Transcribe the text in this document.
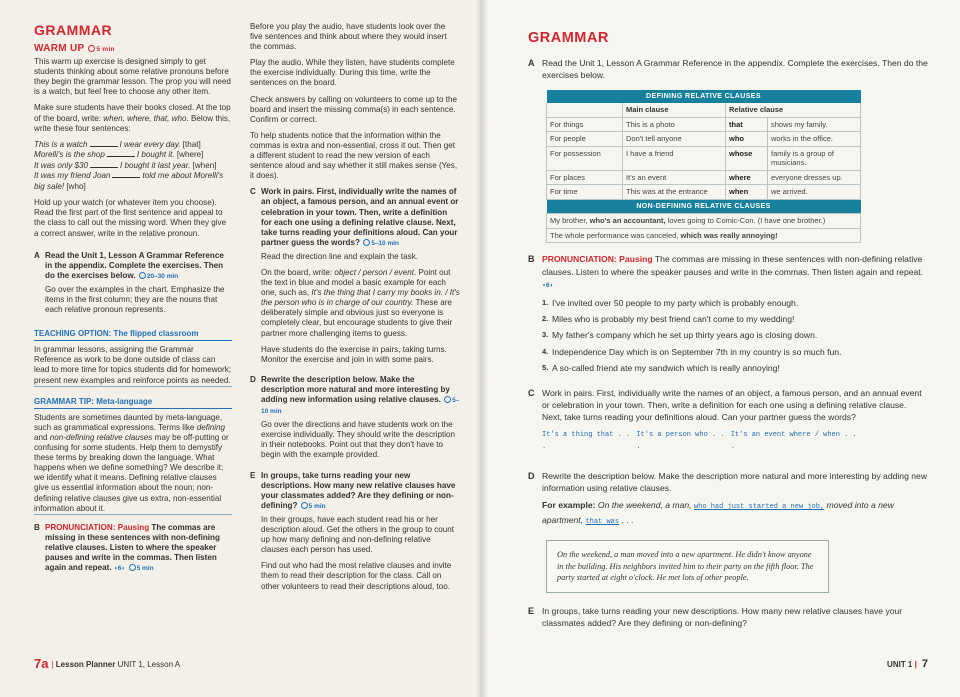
GRAMMAR
WARM UP 5 min

This warm up exercise is designed simply to get students thinking about some relative pronouns before they begin the grammar lesson. The prop you will need is a watch, but feel free to choose any other item.

Make sure students have their books closed. At the top of the board, write: when, where, that, who. Below this, write these four sentences:

This is a watch	I wear every day. [that]
Morelli's is the shop	I bought it. [where]
It was only $30	I bought it last year. [when]
It was my friend Joan	told me about Morelli's big sale! [who]

Hold up your watch (or whatever item you choose). Read the first part of the first sentence and appeal to the class to call out the missing word. When they give a correct answer, write in the relative pronoun.

A Read the Unit 1, Lesson A Grammar Reference in the appendix. Complete the exercises. Then do the exercises below. 20–30 min

Go over the examples in the chart. Emphasize the items in the first column; they are the nouns that each relative pronoun represents.

TEACHING OPTION: The flipped classroom

In grammar lessons, assigning the Grammar Reference as work to be done outside of class can lead to more time for topics students did for homework; present new examples and reinforce points as needed.

GRAMMAR TIP: Meta-language

Students are sometimes daunted by meta-language, such as grammatical expressions. Terms like defining and non-defining relative clauses may be off-putting or confusing for some students. Help them to demystify these terms by breaking down the language. What happens when we define something? We describe it; we identify what it means. Defining relative clauses give us essential information about the noun; non-defining relative clauses give us extra, non-essential information about it.

B PRONUNCIATION: Pausing The commas are missing in these sentences with non-defining relative clauses. Listen to where the speaker pauses and write in the commas. Then listen again and repeat. ◖6◗ 5 min

Before you play the audio, have students look over the five sentences and think about where they would insert the commas.

Play the audio. While they listen, have students complete the exercise individually. During this time, write the sentences on the board.

Check answers by calling on volunteers to come up to the board and insert the missing comma(s) in each sentence. Confirm or correct.

To help students notice that the information within the commas is extra and non-essential, cross it out. Then get a different student to read the new version of each sentence aloud and say whether it still makes sense (Yes, it does).

C Work in pairs. First, individually write the names of an object, a famous person, and an annual event or celebration in your town. Then, write a definition for each one using a defining relative clause. Next, take turns reading your definitions aloud. Can your partner guess the words? 5–10 min

Read the direction line and explain the task.

On the board, write: object / person / event. Point out the text in blue and model a basic example for each one, such as, It's the thing that I carry my books in. / It's the person who is in charge of our country. These are deliberately simple and obvious just so everyone is completely clear, but encourage students to give their partner more challenging items to guess.

Have students do the exercise in pairs, taking turns. Monitor the exercise and join in with some pairs.

D Rewrite the description below. Make the description more natural and more interesting by adding new information using relative clauses. 5–10 min

Go over the directions and have students work on the exercise individually. They should write the description in their notebooks. Point out that they don't have to begin with the example provided.

E In groups, take turns reading your new descriptions. How many new relative clauses have your classmates added? Are they defining or non-defining? 5 min

In their groups, have each student read his or her description aloud. Get the others in the group to count up how many defining and non-defining relative clauses each person has used.

Find out who had the most relative clauses and invite them to read their description for the class. Call on other volunteers to read their descriptions aloud, too.

7a | Lesson Planner UNIT 1, Lesson A
GRAMMAR
A Read the Unit 1, Lesson A Grammar Reference in the appendix. Complete the exercises. Then do the exercises below.
DEFINING RELATIVE CLAUSES			
	Main clause	Relative clause	
For things	This is a photo	that	shows my family.
For people	Don't tell anyone	who	works in the office.
For possession	I have a friend	whose	family is a group of musicians.
For places	It's an event	where	everyone dresses up.
For time	This was at the entrance	when	we arrived.
NON-DEFINING RELATIVE CLAUSES			
My brother, who's an accountant, loves going to Comic-Con. (I have one brother.)			
The whole performance was canceled, which was really annoying!			
B PRONUNCIATION: Pausing The commas are missing in these sentences with non-defining relative clauses. Listen to where the speaker pauses and write in the commas. Then listen again and repeat. ◖6◗
1. I've invited over 50 people to my party which is probably enough.
2. Miles who is probably my best friend can't come to my wedding!
3. My father's company which he set up thirty years ago is closing down.
4. Independence Day which is on September 7th in my country is so much fun.
5. A so-called friend ate my sandwich which is really annoying!
C Work in pairs. First, individually write the names of an object, a famous person, and an annual event or celebration in your town. Then, write a definition for each one using a defining relative clause. Next, take turns reading your definitions aloud. Can your partner guess the words?
It's a thing that . . .
It's a person who . . .
It's an event where / when . . .
D Rewrite the description below. Make the description more natural and more interesting by adding new information using relative clauses.
For example: On the weekend, a man, who had just started a new job, moved into a new apartment, that was . . .
On the weekend, a man moved into a new apartment. He didn't know anyone in the building. His neighbors invited him to their party on the fifth floor. The party started at eight o'clock. He met lots of other people.
E In groups, take turns reading your new descriptions. How many new relative clauses have your classmates added? Are they defining or non-defining?
UNIT 1 | 7
